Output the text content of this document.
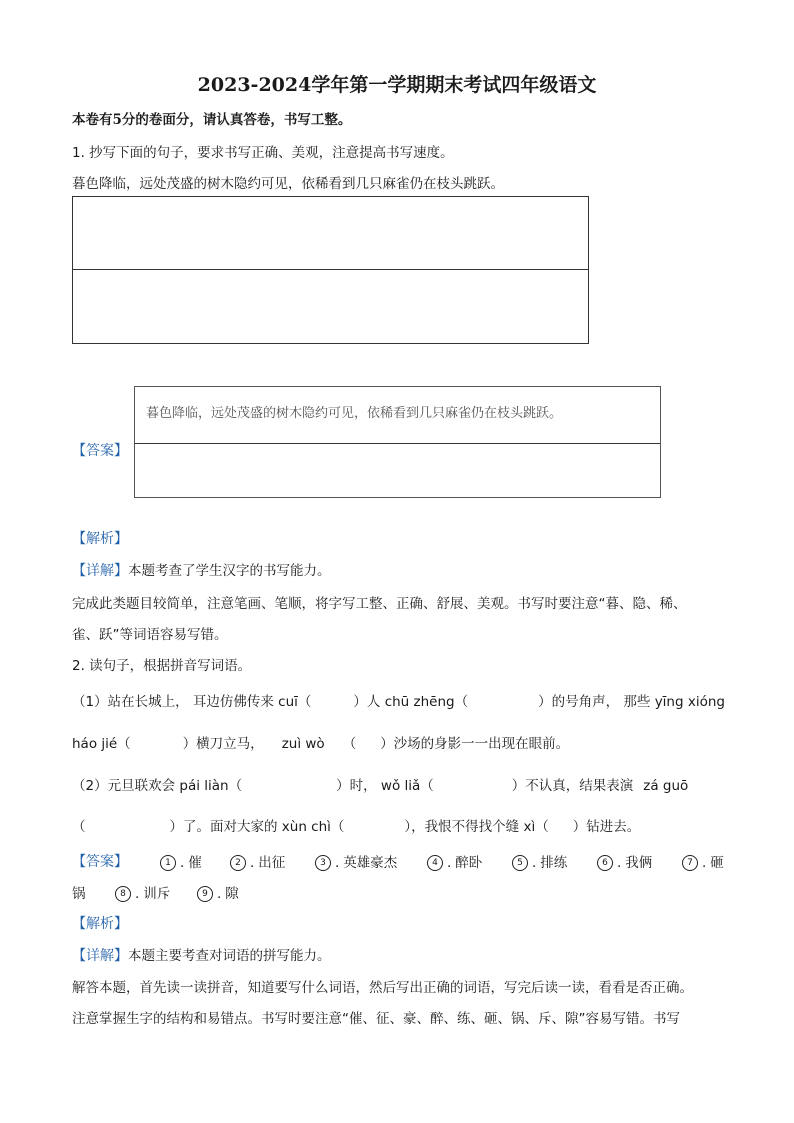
2023-2024学年第一学期期末考试四年级语文
本卷有5分的卷面分，请认真答卷，书写工整。
1. 抄写下面的句子，要求书写正确、美观，注意提高书写速度。
暮色降临，远处茂盛的树木隐约可见，依稀看到几只麻雀仍在枝头跳跃。
【答案】
暮色降临，远处茂盛的树木隐约可见，依稀看到几只麻雀仍在枝头跳跃。
【解析】
【详解】本题考查了学生汉字的书写能力。
完成此类题目较简单，注意笔画、笔顺，将字写工整、正确、舒展、美观。书写时要注意“暮、隐、稀、
雀、跃”等词语容易写错。
2. 读句子，根据拼音写词语。
（1）站在长城上， 耳边仿佛传来 cuī（	）人 chū zhēng（	）的号角声， 那些 yīng xióng
háo jié（	）横刀立马， zuì wò （ ）沙场的身影一一出现在眼前。
（2）元旦联欢会 pái liàn（	）时， wǒ liǎ（	）不认真，结果表演 zá guō
（	）了。面对大家的 xùn chì（	），我恨不得找个缝 xì（ ）钻进去。
【答案】	1 . 催	2 . 出征	3 . 英雄豪杰	4 . 醉卧	5 . 排练	6 . 我俩	7 . 砸
锅	8 . 训斥	9 . 隙
【解析】
【详解】本题主要考查对词语的拼写能力。
解答本题，首先读一读拼音，知道要写什么词语，然后写出正确的词语，写完后读一读，看看是否正确。
注意掌握生字的结构和易错点。书写时要注意“催、征、豪、醉、练、砸、锅、斥、隙”容易写错。书写
